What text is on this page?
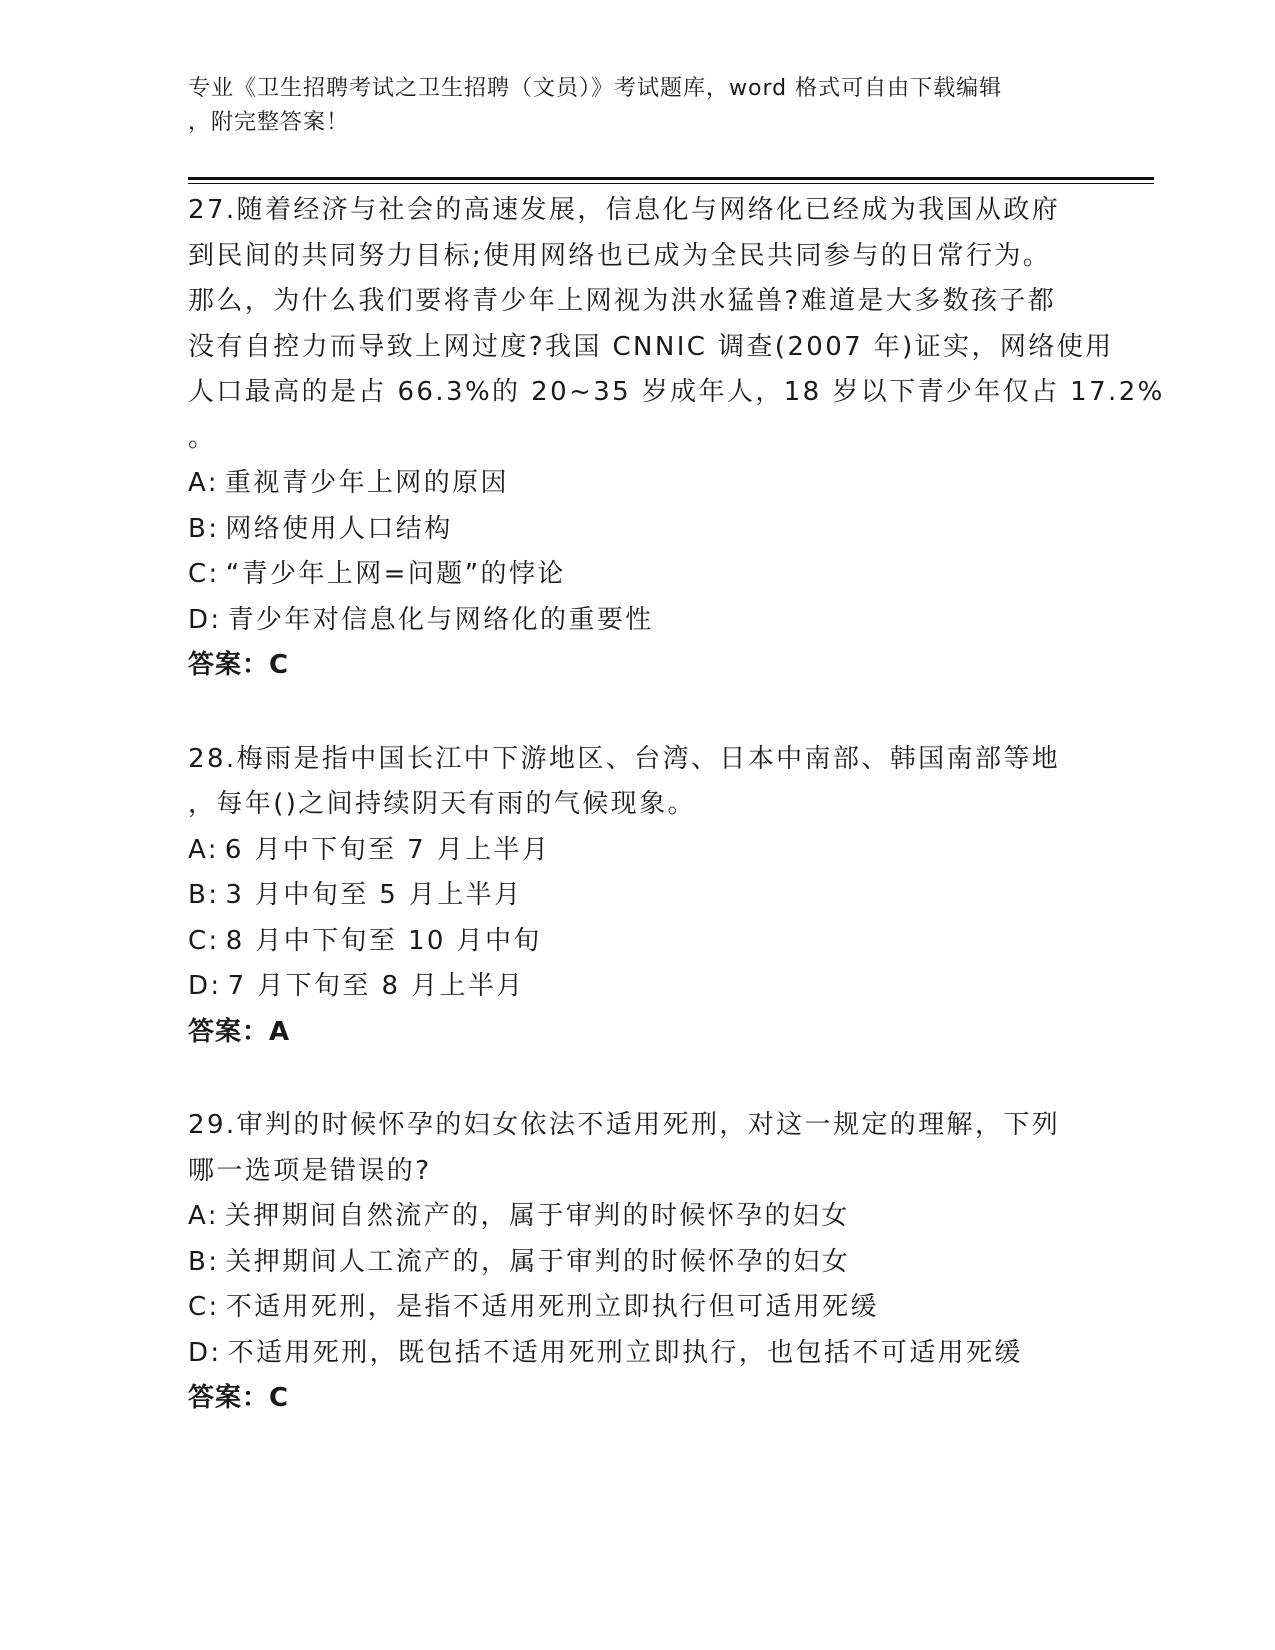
专业《卫生招聘考试之卫生招聘（文员）》考试题库，word 格式可自由下载编辑
，附完整答案！
27.随着经济与社会的高速发展，信息化与网络化已经成为我国从政府
到民间的共同努力目标;使用网络也已成为全民共同参与的日常行为。
那么，为什么我们要将青少年上网视为洪水猛兽?难道是大多数孩子都
没有自控力而导致上网过度?我国 CNNIC 调查(2007 年)证实，网络使用
人口最高的是占 66.3%的 20~35 岁成年人，18 岁以下青少年仅占 17.2%
。
A: 重视青少年上网的原因
B: 网络使用人口结构
C: “青少年上网=问题”的悖论
D: 青少年对信息化与网络化的重要性
答案：C
28.梅雨是指中国长江中下游地区、台湾、日本中南部、韩国南部等地
，每年()之间持续阴天有雨的气候现象。
A: 6 月中下旬至 7 月上半月
B: 3 月中旬至 5 月上半月
C: 8 月中下旬至 10 月中旬
D: 7 月下旬至 8 月上半月
答案：A
29.审判的时候怀孕的妇女依法不适用死刑，对这一规定的理解，下列
哪一选项是错误的?
A: 关押期间自然流产的，属于审判的时候怀孕的妇女
B: 关押期间人工流产的，属于审判的时候怀孕的妇女
C: 不适用死刑，是指不适用死刑立即执行但可适用死缓
D: 不适用死刑，既包括不适用死刑立即执行，也包括不可适用死缓
答案：C
